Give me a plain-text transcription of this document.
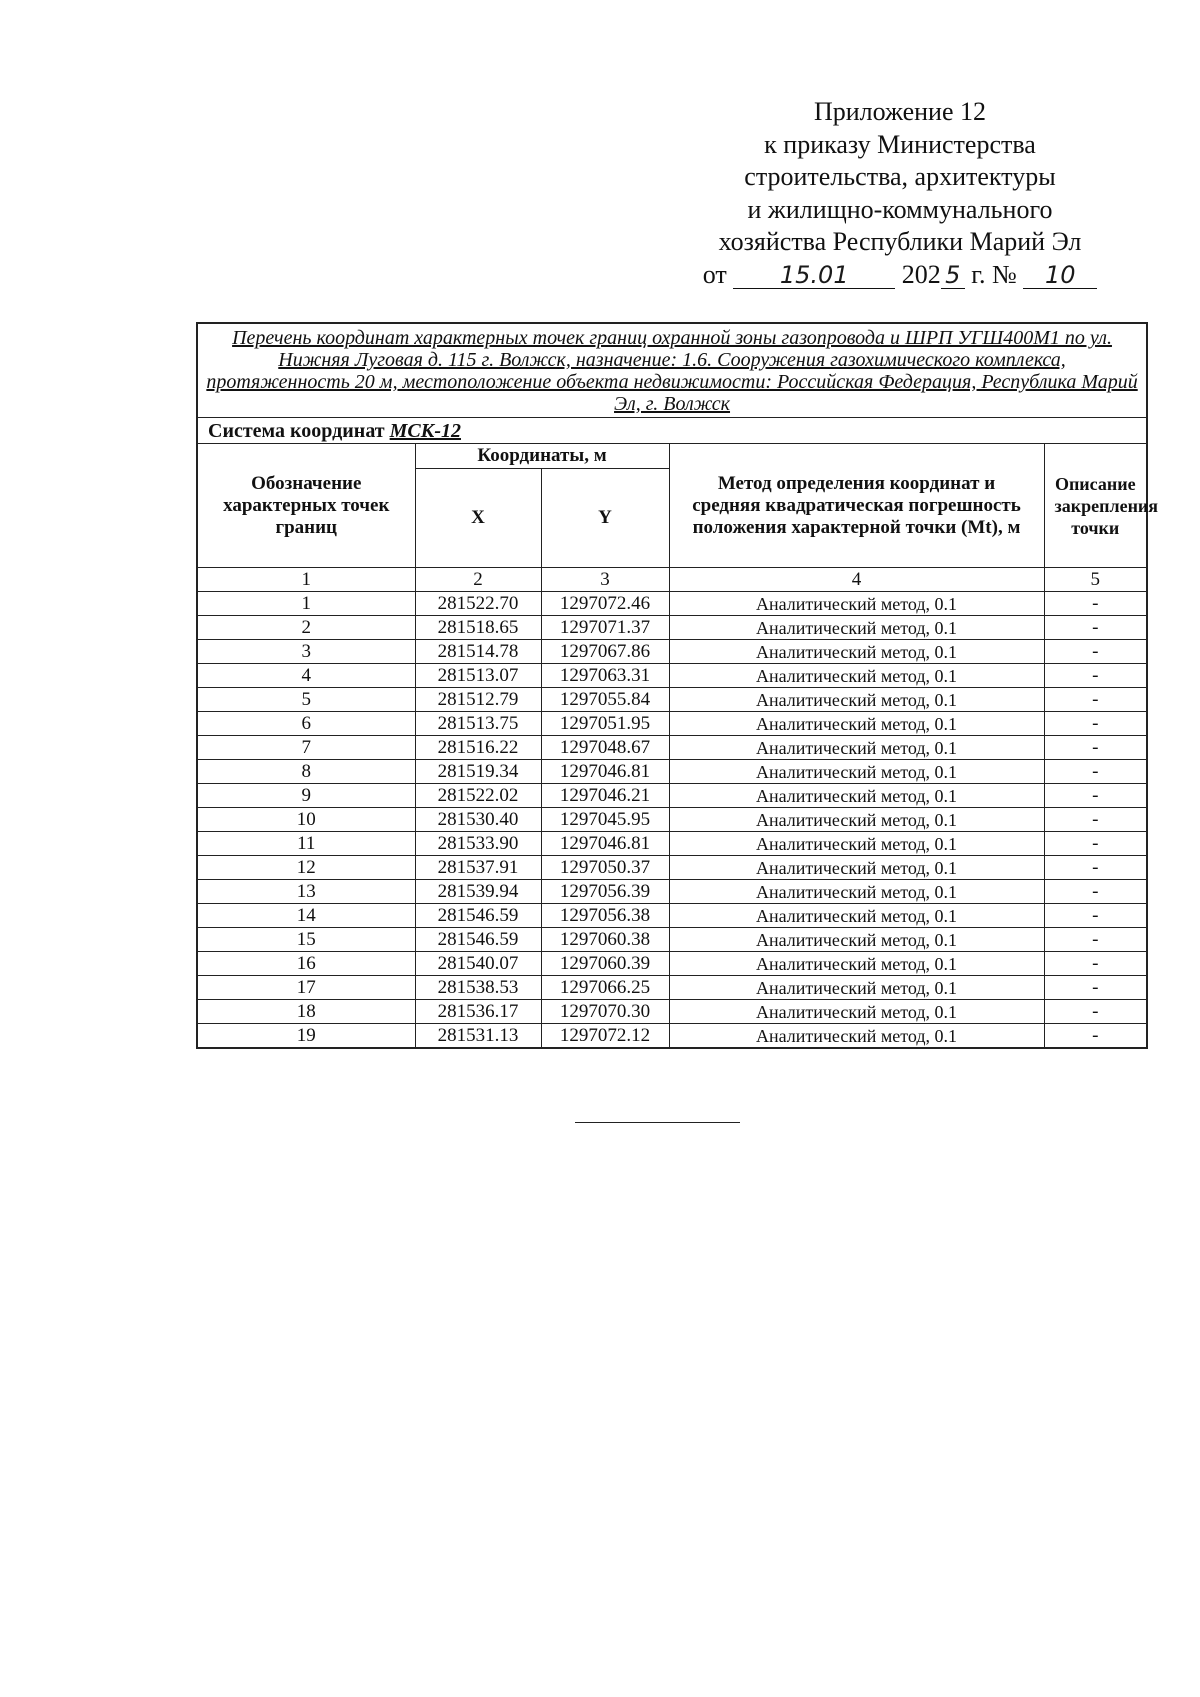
Приложение 12
к приказу Министерства
строительства, архитектуры
и жилищно-коммунального
хозяйства Республики Марий Эл
от 15.01 202 5 г. № 10
Перечень координат характерных точек границ охранной зоны газопровода и ШРП УГШ400М1 по ул. Нижняя Луговая д. 115 г. Волжск, назначение: 1.6. Сооружения газохимического комплекса, протяженность 20 м, местоположение объекта недвижимости: Российская Федерация, Республика Марий Эл, г. Волжск				
Система координат МСК-12				
Обозначение характерных точек границ	Координаты, м		Метод определения координат и средняя квадратическая погрешность положения характерной точки (Mt), м	Описание закрепления точки
	X	Y		
1	2	3	4	5
1	281522.70	1297072.46	Аналитический метод, 0.1	-
2	281518.65	1297071.37	Аналитический метод, 0.1	-
3	281514.78	1297067.86	Аналитический метод, 0.1	-
4	281513.07	1297063.31	Аналитический метод, 0.1	-
5	281512.79	1297055.84	Аналитический метод, 0.1	-
6	281513.75	1297051.95	Аналитический метод, 0.1	-
7	281516.22	1297048.67	Аналитический метод, 0.1	-
8	281519.34	1297046.81	Аналитический метод, 0.1	-
9	281522.02	1297046.21	Аналитический метод, 0.1	-
10	281530.40	1297045.95	Аналитический метод, 0.1	-
11	281533.90	1297046.81	Аналитический метод, 0.1	-
12	281537.91	1297050.37	Аналитический метод, 0.1	-
13	281539.94	1297056.39	Аналитический метод, 0.1	-
14	281546.59	1297056.38	Аналитический метод, 0.1	-
15	281546.59	1297060.38	Аналитический метод, 0.1	-
16	281540.07	1297060.39	Аналитический метод, 0.1	-
17	281538.53	1297066.25	Аналитический метод, 0.1	-
18	281536.17	1297070.30	Аналитический метод, 0.1	-
19	281531.13	1297072.12	Аналитический метод, 0.1	-
